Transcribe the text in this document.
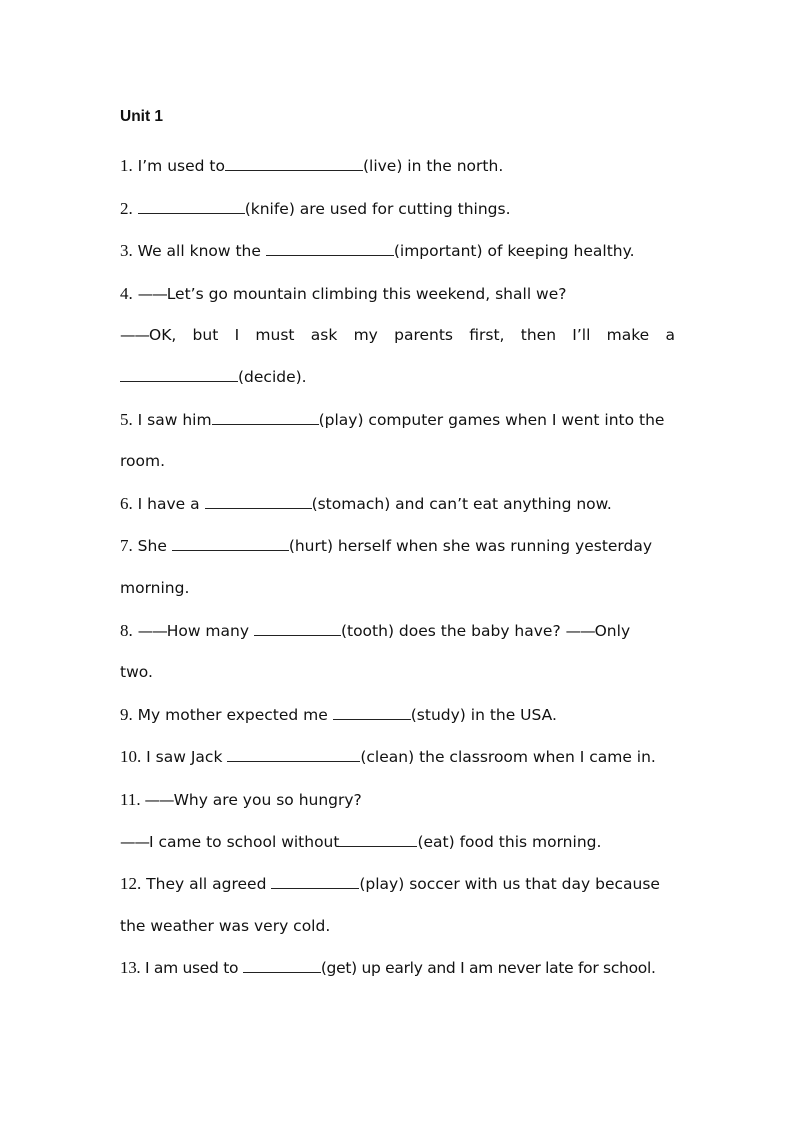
Unit 1
1. I’m used to	(live) in the north.
2.	(knife) are used for cutting things.
3. We all know the	(important) of keeping healthy.
4. ——Let’s go mountain climbing this weekend, shall we?
——OK, but I must ask my parents first, then I’ll make a
(decide).
5. I saw him	(play) computer games when I went into the
room.
6. I have a	(stomach) and can’t eat anything now.
7. She	(hurt) herself when she was running yesterday
morning.
8. ——How many	(tooth) does the baby have? ——Only
two.
9. My mother expected me	(study) in the USA.
10. I saw Jack	(clean) the classroom when I came in.
11. ——Why are you so hungry?
——I came to school without	(eat) food this morning.
12. They all agreed	(play) soccer with us that day because
the weather was very cold.
13. I am used to	(get) up early and I am never late for school.
